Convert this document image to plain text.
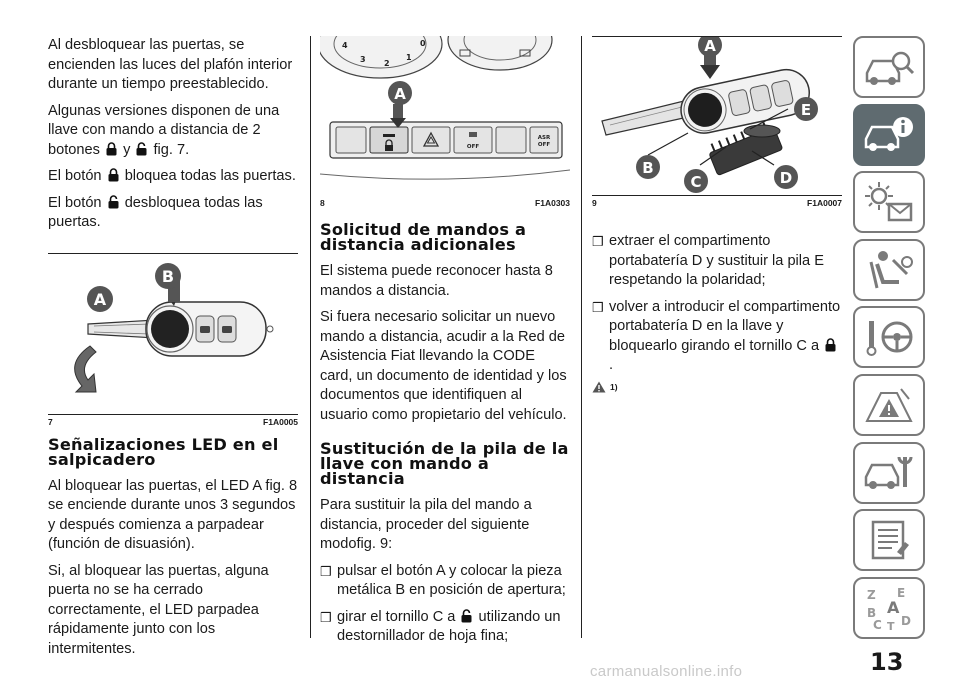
Al desbloquear las puertas, se encienden las luces del plafón interior durante un tiempo preestablecido.

Algunas versiones disponen de una llave con mando a distancia de 2 botones y fig. 7.

El botón bloquea todas las puertas.

El botón desbloquea todas las puertas.

A
B
7	F1A0005
Señalizaciones LED en el salpicadero

Al bloquear las puertas, el LED A fig. 8 se enciende durante unos 3 segundos y después comienza a parpadear (función de disuasión).

Si, al bloquear las puertas, alguna puerta no se ha cerrado correctamente, el LED parpadea rápidamente junto con los intermitentes.

4
3 2
1
0
OFF
ASR
OFF
A
8	F1A0303
Solicitud de mandos a distancia adicionales

El sistema puede reconocer hasta 8 mandos a distancia.

Si fuera necesario solicitar un nuevo mando a distancia, acudir a la Red de Asistencia Fiat llevando la CODE card, un documento de identidad y los documentos que identifiquen al usuario como propietario del vehículo.

Sustitución de la pila de la llave con mando a distancia

Para sustituir la pila del mando a distancia, proceder del siguiente modofig. 9:

❒ pulsar el botón A y colocar la pieza metálica B en posición de apertura;
❒ girar el tornillo C a utilizando un destornillador de hoja fina;
A
E
B
C	D
9	F1A0007
❒ extraer el compartimento portabatería D y sustituir la pila E respetando la polaridad;
❒ volver a introducir el compartimento portabatería D en la llave y bloquearlo girando el tornillo C a  .
1)
Z E
A
B
C D
T
13
carmanualsonline.info
